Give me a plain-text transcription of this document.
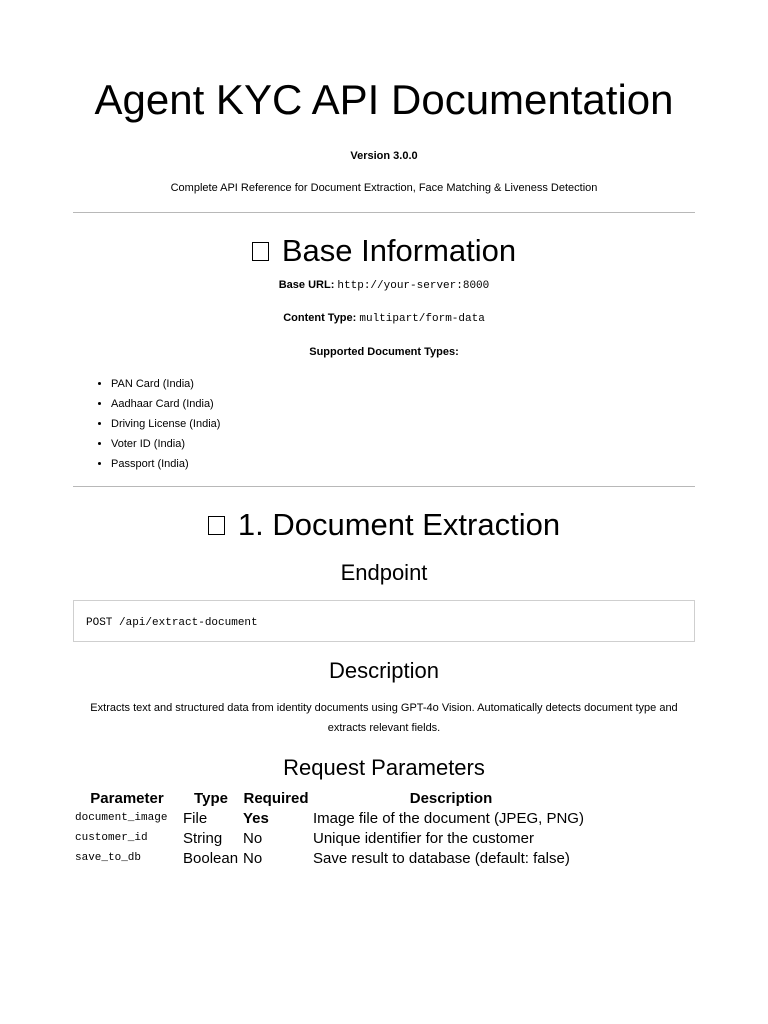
Agent KYC API Documentation
Version 3.0.0
Complete API Reference for Document Extraction, Face Matching & Liveness Detection
Base Information
Base URL: http://your-server:8000
Content Type: multipart/form-data
Supported Document Types:
• PAN Card (India)
• Aadhaar Card (India)
• Driving License (India)
• Voter ID (India)
• Passport (India)
1. Document Extraction
Endpoint
POST /api/extract-document
Description
Extracts text and structured data from identity documents using GPT-4o Vision. Automatically detects document type and extracts relevant fields.
Request Parameters
Parameter	Type	Required	Description
document_image	File	Yes	Image file of the document (JPEG, PNG)
customer_id	String	No	Unique identifier for the customer
save_to_db	Boolean	No	Save result to database (default: false)
